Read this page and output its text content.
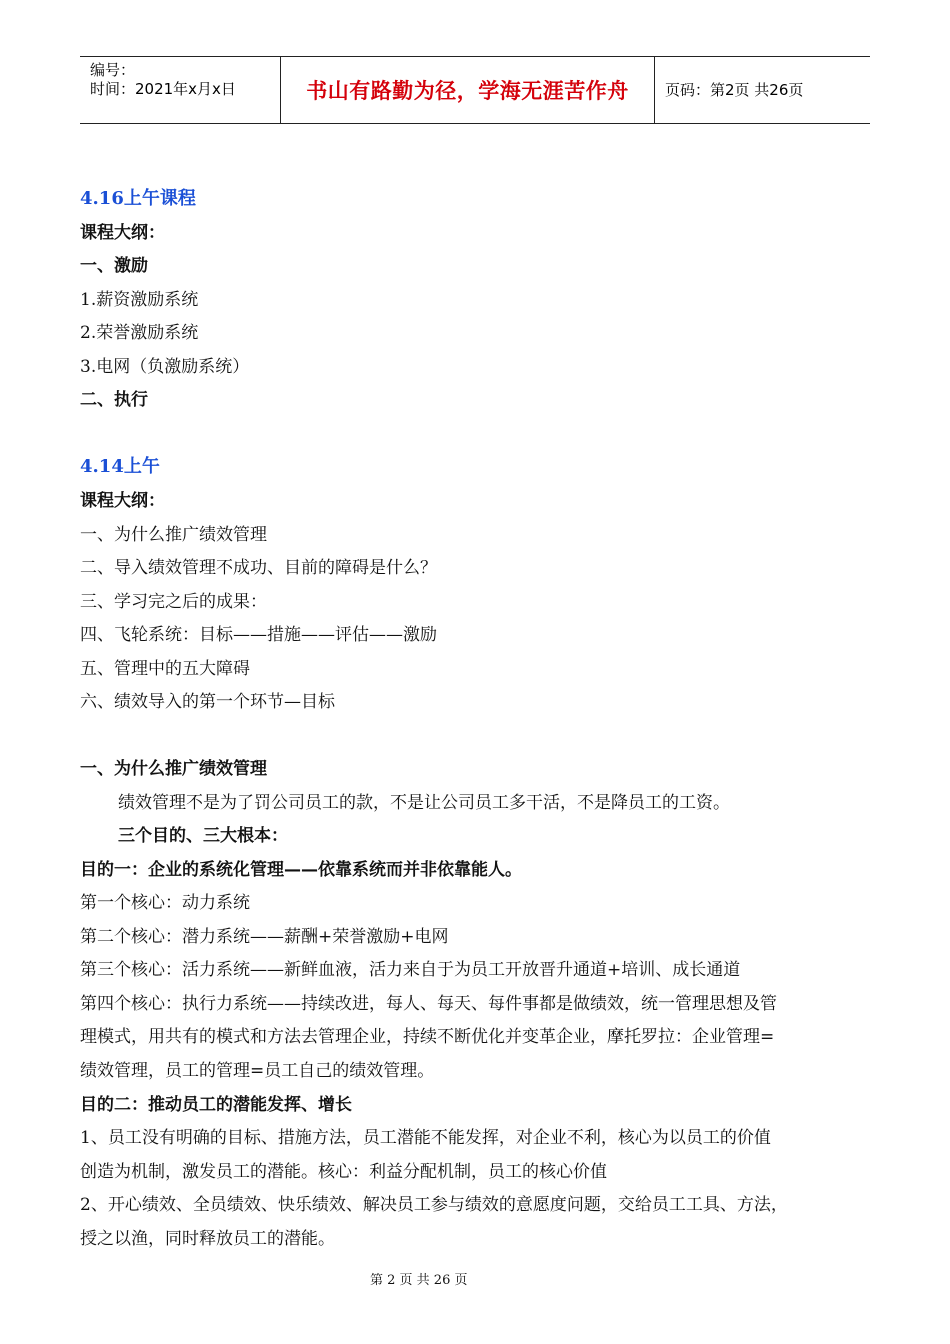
编号：
时间：2021年x月x日	书山有路勤为径，学海无涯苦作舟 页码：第2页 共26页
4.16上午课程
课程大纲：
一、激励
1.薪资激励系统
2.荣誉激励系统
3.电网（负激励系统）
二、执行
4.14上午
课程大纲：
一、为什么推广绩效管理
二、导入绩效管理不成功、目前的障碍是什么？
三、学习完之后的成果：
四、飞轮系统：目标——措施——评估——激励
五、管理中的五大障碍
六、绩效导入的第一个环节—目标
一、为什么推广绩效管理
绩效管理不是为了罚公司员工的款，不是让公司员工多干活，不是降员工的工资。
三个目的、三大根本：
目的一：企业的系统化管理——依靠系统而并非依靠能人。
第一个核心：动力系统
第二个核心：潜力系统——薪酬+荣誉激励+电网
第三个核心：活力系统——新鲜血液，活力来自于为员工开放晋升通道+培训、成长通道
第四个核心：执行力系统——持续改进，每人、每天、每件事都是做绩效，统一管理思想及管
理模式，用共有的模式和方法去管理企业，持续不断优化并变革企业，摩托罗拉：企业管理=
绩效管理，员工的管理=员工自己的绩效管理。
目的二：推动员工的潜能发挥、增长
1、员工没有明确的目标、措施方法，员工潜能不能发挥，对企业不利，核心为以员工的价值
创造为机制，激发员工的潜能。核心：利益分配机制，员工的核心价值
2、开心绩效、全员绩效、快乐绩效、解决员工参与绩效的意愿度问题，交给员工工具、方法，
授之以渔，同时释放员工的潜能。
第 2 页 共 26 页
